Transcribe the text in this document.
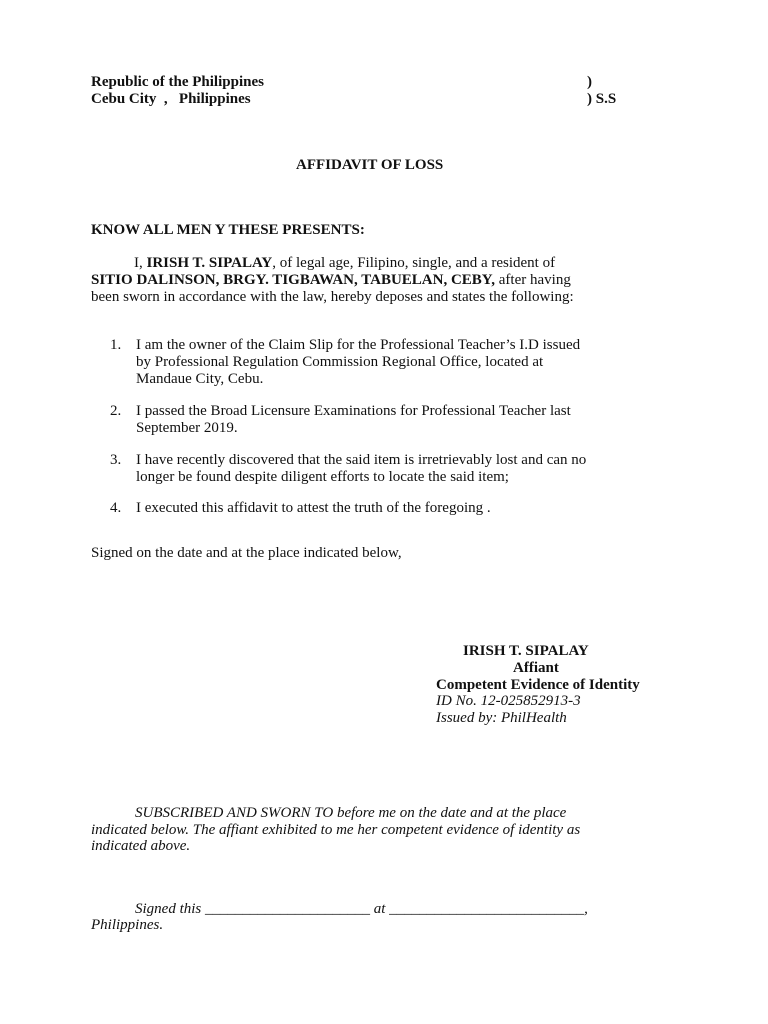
Republic of the Philippines
Cebu City  ,   Philippines
)
) S.S
AFFIDAVIT OF LOSS
KNOW ALL MEN Y THESE PRESENTS:
I, IRISH T. SIPALAY, of legal age, Filipino, single, and a resident of
SITIO DALINSON, BRGY. TIGBAWAN, TABUELAN, CEBY, after having
been sworn in accordance with the law, hereby deposes and states the following:
1. I am the owner of the Claim Slip for the Professional Teacher’s I.D issued
by Professional Regulation Commission Regional Office, located at
Mandaue City, Cebu.
2. I passed the Broad Licensure Examinations for Professional Teacher last
September 2019.
3. I have recently discovered that the said item is irretrievably lost and can no
longer be found despite diligent efforts to locate the said item;
4. I executed this affidavit to attest the truth of the foregoing .
Signed on the date and at the place indicated below,
IRISH T. SIPALAY
Affiant
Competent Evidence of Identity
ID No. 12-025852913-3
Issued by: PhilHealth
SUBSCRIBED AND SWORN TO before me on the date and at the place
indicated below. The affiant exhibited to me her competent evidence of identity as
indicated above.
Signed this ______________________ at __________________________,
Philippines.
